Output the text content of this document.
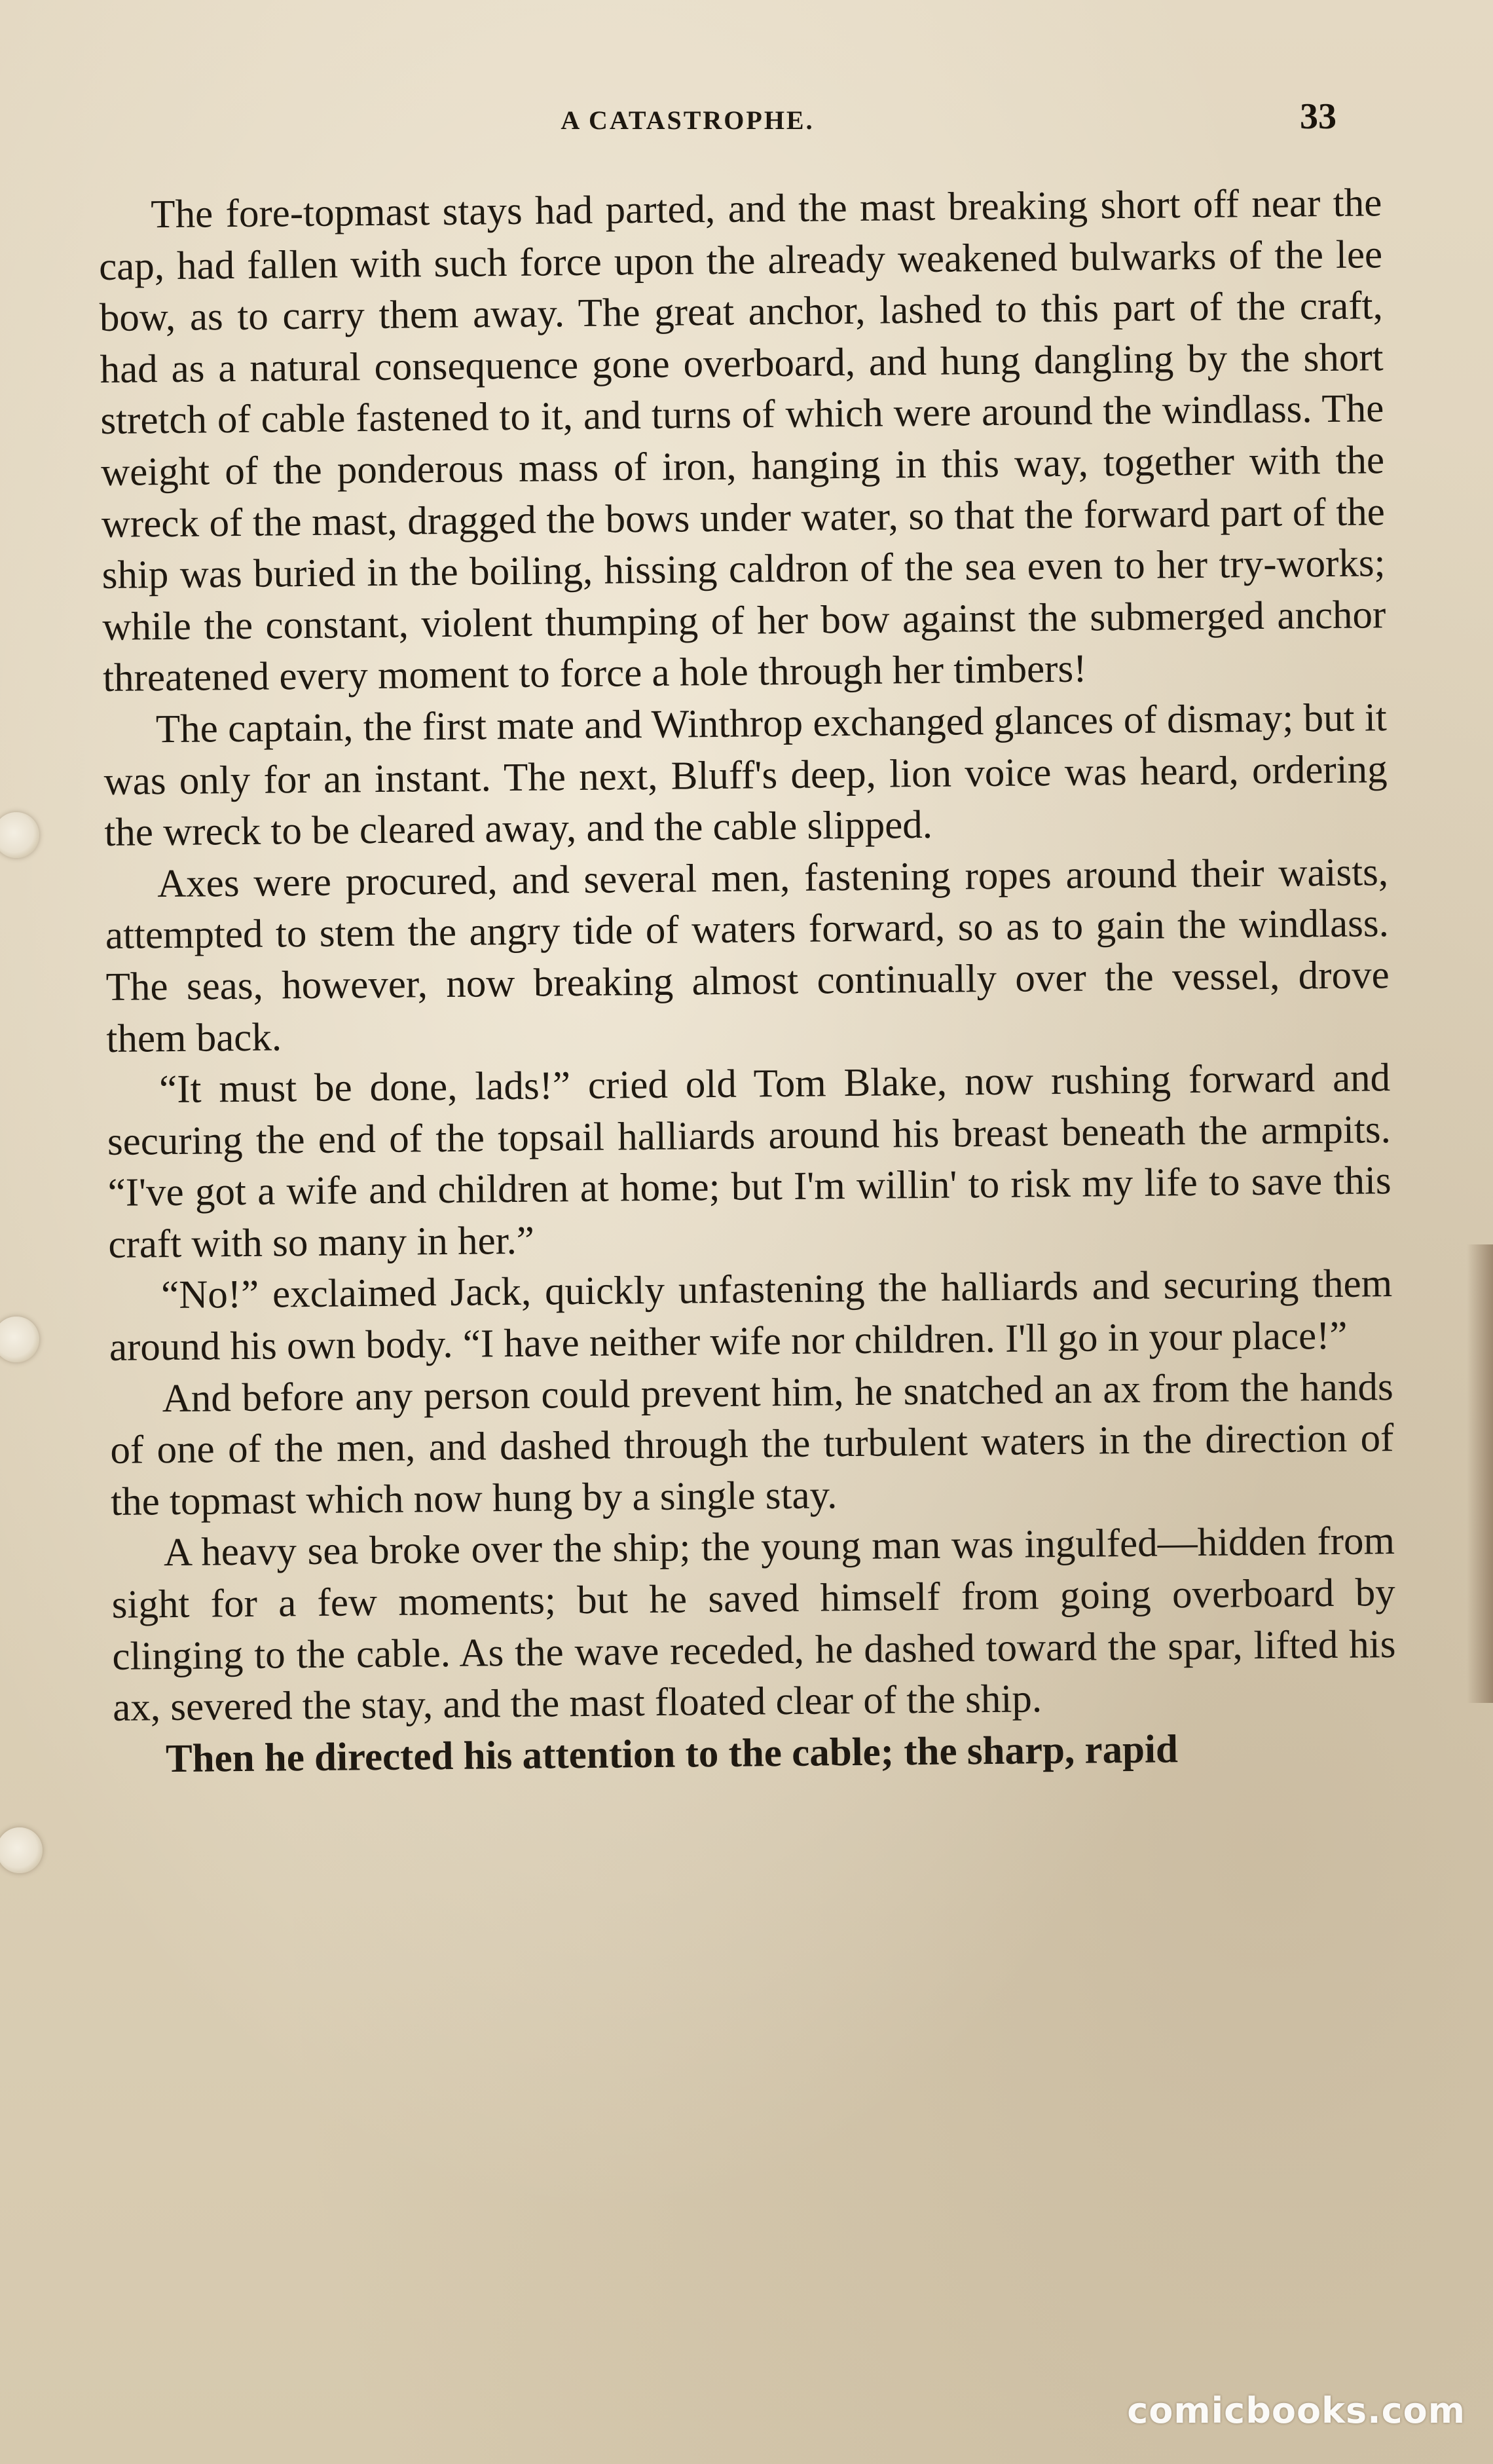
A CATASTROPHE.	33

The fore-topmast stays had parted, and the mast breaking short off near the cap, had fallen with such force upon the already weakened bulwarks of the lee bow, as to carry them away. The great anchor, lashed to this part of the craft, had as a natural consequence gone overboard, and hung dangling by the short stretch of cable fastened to it, and turns of which were around the windlass. The weight of the ponderous mass of iron, hanging in this way, together with the wreck of the mast, dragged the bows under water, so that the forward part of the ship was buried in the boiling, hissing caldron of the sea even to her try-works; while the constant, violent thumping of her bow against the submerged anchor threatened every moment to force a hole through her timbers!

The captain, the first mate and Winthrop exchanged glances of dismay; but it was only for an instant. The next, Bluff's deep, lion voice was heard, ordering the wreck to be cleared away, and the cable slipped.

Axes were procured, and several men, fastening ropes around their waists, attempted to stem the angry tide of waters forward, so as to gain the windlass. The seas, however, now breaking almost continually over the vessel, drove them back.

“It must be done, lads!” cried old Tom Blake, now rushing forward and securing the end of the topsail halliards around his breast beneath the armpits. “I've got a wife and children at home; but I'm willin' to risk my life to save this craft with so many in her.”

“No!” exclaimed Jack, quickly unfastening the halliards and securing them around his own body. “I have neither wife nor children. I'll go in your place!”

And before any person could prevent him, he snatched an ax from the hands of one of the men, and dashed through the turbulent waters in the direction of the topmast which now hung by a single stay.

A heavy sea broke over the ship; the young man was ingulfed—hidden from sight for a few moments; but he saved himself from going overboard by clinging to the cable. As the wave receded, he dashed toward the spar, lifted his ax, severed the stay, and the mast floated clear of the ship.

Then he directed his attention to the cable; the sharp, rapid

comicbooks.com
